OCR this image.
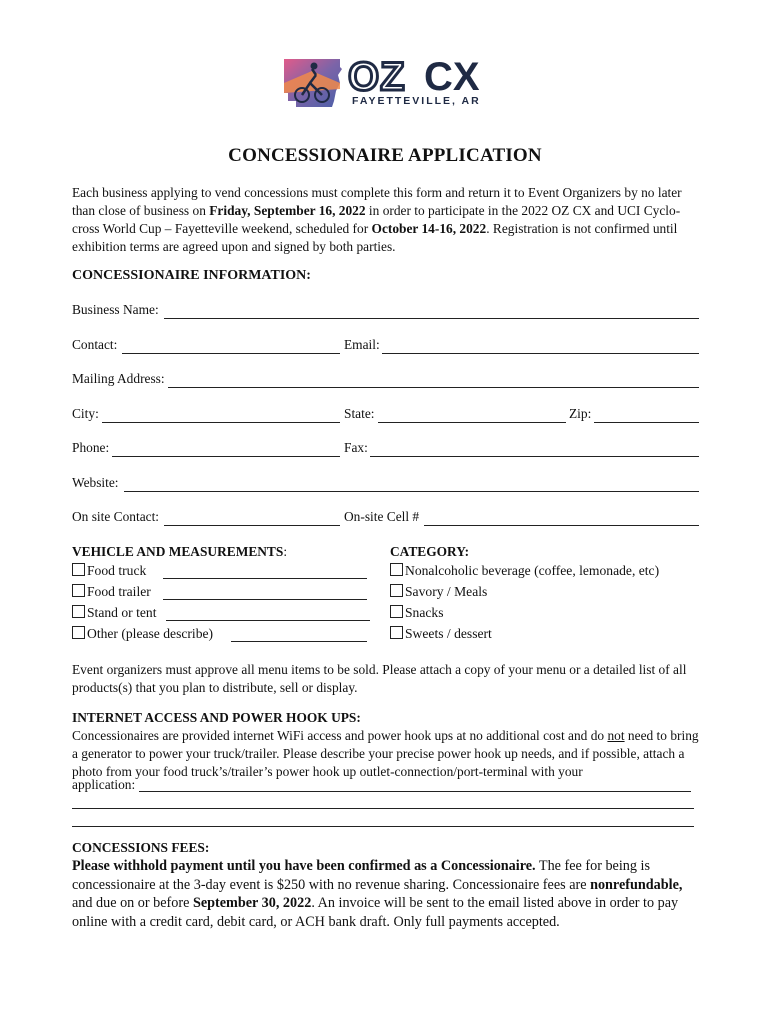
OZ CX
FAYETTEVILLE, AR
CONCESSIONAIRE APPLICATION
Each business applying to vend concessions must complete this form and return it to Event Organizers by no later than close of business on Friday, September 16, 2022 in order to participate in the 2022 OZ CX and UCI Cyclo-cross World Cup – Fayetteville weekend, scheduled for October 14-16, 2022. Registration is not confirmed until exhibition terms are agreed upon and signed by both parties.
CONCESSIONAIRE INFORMATION:
Business Name:
Contact:	Email:
Mailing Address:
City:	State:	Zip:
Phone:	Fax:
Website:
On site Contact:	On-site Cell #
VEHICLE AND MEASUREMENTS:
Food truck
Food trailer
Stand or tent
Other (please describe)
CATEGORY:
Nonalcoholic beverage (coffee, lemonade, etc)
Savory / Meals
Snacks
Sweets / dessert
Event organizers must approve all menu items to be sold. Please attach a copy of your menu or a detailed list of all products(s) that you plan to distribute, sell or display.
INTERNET ACCESS AND POWER HOOK UPS:
Concessionaires are provided internet WiFi access and power hook ups at no additional cost and do not need to bring a generator to power your truck/trailer. Please describe your precise power hook up needs, and if possible, attach a photo from your food truck’s/trailer’s power hook up outlet-connection/port-terminal with your
application:
CONCESSIONS FEES:
Please withhold payment until you have been confirmed as a Concessionaire. The fee for being is concessionaire at the 3-day event is $250 with no revenue sharing. Concessionaire fees are nonrefundable, and due on or before September 30, 2022. An invoice will be sent to the email listed above in order to pay online with a credit card, debit card, or ACH bank draft. Only full payments accepted.
